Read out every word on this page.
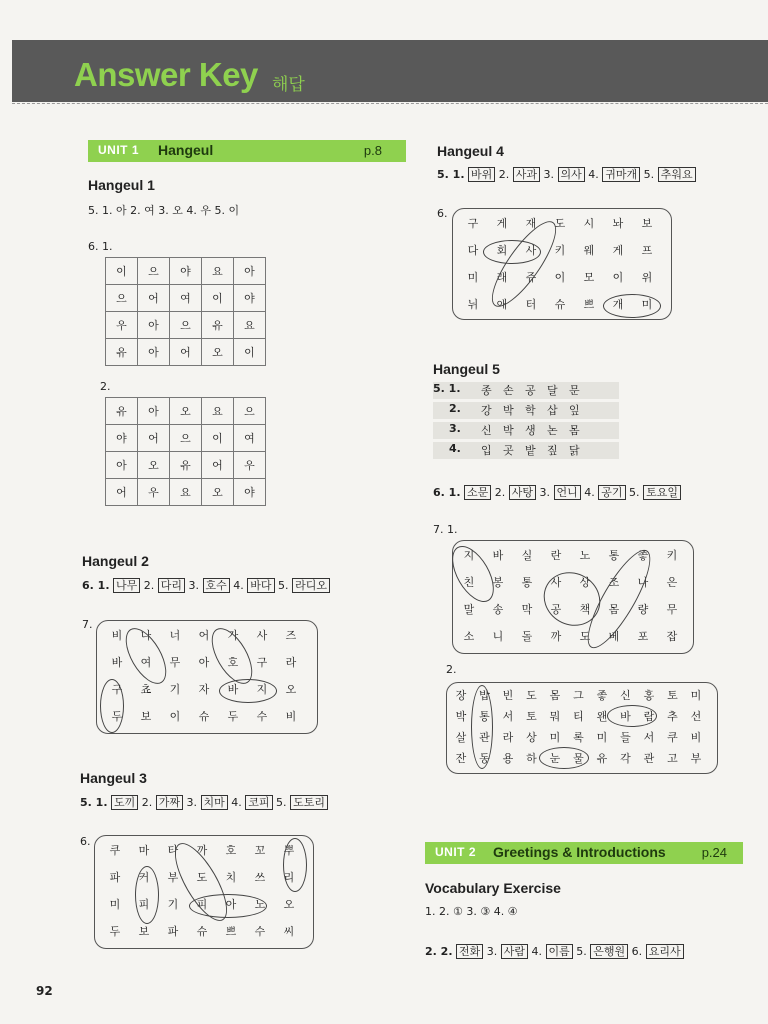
Answer Key 해답
UNIT 1 Hangeul	p.8
Hangeul 1
5. 1. 아 2. 여 3. 오 4. 우 5. 이
6. 1.
이	으	야	요	아
으	어	여	이	야
우	아	으	유	요
유	아	어	오	이
2.
유	아	오	요	으
야	어	으	이	여
아	오	유	어	우
어	우	요	오	야
Hangeul 2
6. 1. 나무 2. 다리 3. 호수 4. 바다 5. 라디오
7.
비	나	너	어	가	사	즈
바	여	무	아	호	구	라
구	쵸	기	자	바	지	오
두	보	이	슈	두	수	비
Hangeul 3
5. 1. 도끼 2. 가짜 3. 치마 4. 코피 5. 도토리
6.
쿠	마	타	까	호	꼬	뿌
파	커	부	도	치	쓰	리
미	피	기	피	아	노	오
두	보	파	슈	쁘	수	씨
Hangeul 4
5. 1. 바위 2. 사과 3. 의사 4. 귀마개 5. 추워요
6.
구	게	재	도	시	놔	보
다	회	사	키	웨	게	프
미	래	쥬	이	모	이	위
뉘	애	터	슈	쁘	개	미
Hangeul 5
5. 1. 종 손 공 달 문
2. 강 박 학 삽 잎
3. 신 박 생 논 몸
4. 입 곳 밭 짚 닭
6. 1. 소문 2. 사탕 3. 언니 4. 공기 5. 토요일
7. 1.
지	바	실	란	노	통	좋	키
친	봉	통	사	상	조	나	은
말	송	막	공	책	몸	량	무
소	니	돌	까	도	베	포	잡
2.
장	밥	빈	도	몸	그	좋	신	홍	토	미
박	통	서	토	뭐	티	왠	바	람	추	선
살	관	라	상	미	록	미	들	서	쿠	비
잔	동	용	하	눈	물	유	각	관	고	부
UNIT 2 Greetings & Introductions	p.24
Vocabulary Exercise
1. 2. ① 3. ③ 4. ④
2. 2. 전화 3. 사람 4. 이름 5. 은행원 6. 요리사
92
